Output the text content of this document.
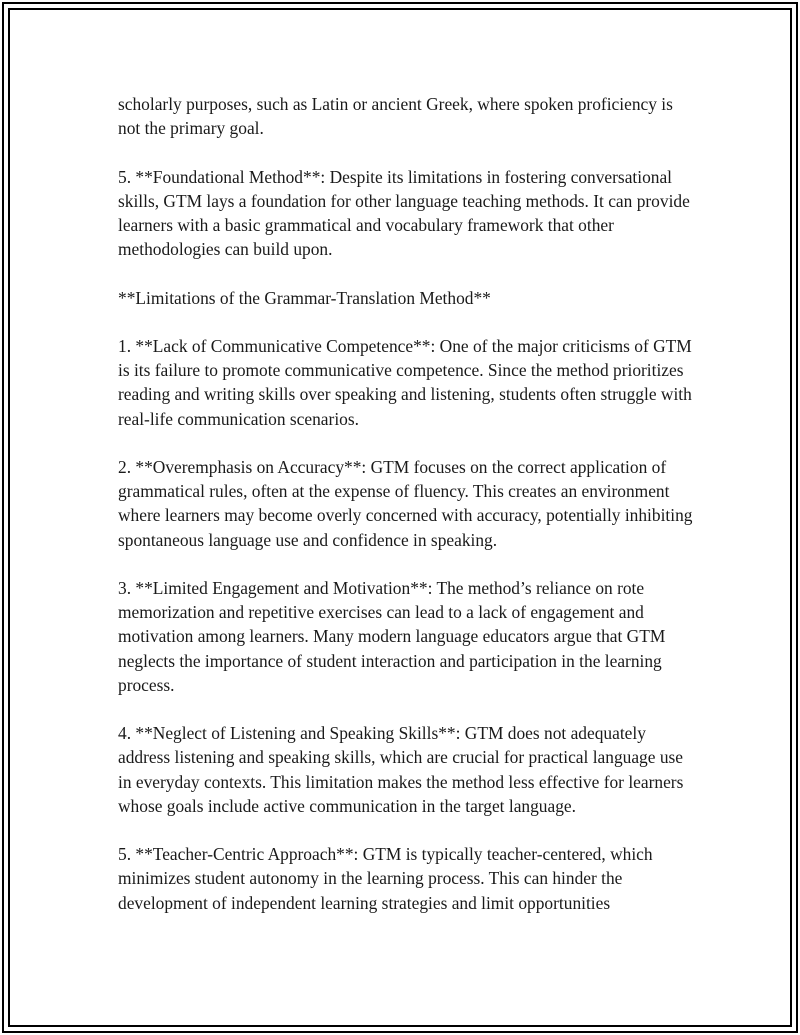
scholarly purposes, such as Latin or ancient Greek, where spoken proficiency is not the primary goal.

5. **Foundational Method**: Despite its limitations in fostering conversational skills, GTM lays a foundation for other language teaching methods. It can provide learners with a basic grammatical and vocabulary framework that other methodologies can build upon.

**Limitations of the Grammar-Translation Method**

1. **Lack of Communicative Competence**: One of the major criticisms of GTM is its failure to promote communicative competence. Since the method prioritizes reading and writing skills over speaking and listening, students often struggle with real-life communication scenarios.

2. **Overemphasis on Accuracy**: GTM focuses on the correct application of grammatical rules, often at the expense of fluency. This creates an environment where learners may become overly concerned with accuracy, potentially inhibiting spontaneous language use and confidence in speaking.

3. **Limited Engagement and Motivation**: The method’s reliance on rote memorization and repetitive exercises can lead to a lack of engagement and motivation among learners. Many modern language educators argue that GTM neglects the importance of student interaction and participation in the learning process.

4. **Neglect of Listening and Speaking Skills**: GTM does not adequately address listening and speaking skills, which are crucial for practical language use in everyday contexts. This limitation makes the method less effective for learners whose goals include active communication in the target language.

5. **Teacher-Centric Approach**: GTM is typically teacher-centered, which minimizes student autonomy in the learning process. This can hinder the development of independent learning strategies and limit opportunities
